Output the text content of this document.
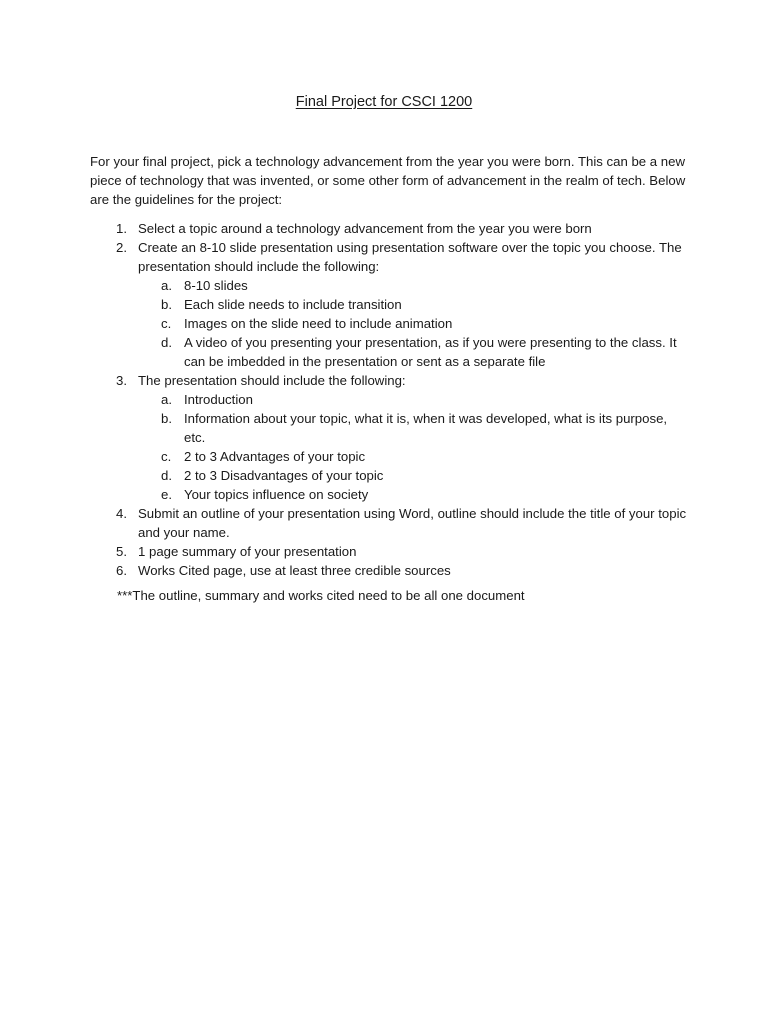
Final Project for CSCI 1200
For your final project, pick a technology advancement from the year you were born. This can be a new piece of technology that was invented, or some other form of advancement in the realm of tech. Below are the guidelines for the project:
1. Select a topic around a technology advancement from the year you were born
2. Create an 8-10 slide presentation using presentation software over the topic you choose. The presentation should include the following:
a. 8-10 slides
b. Each slide needs to include transition
c. Images on the slide need to include animation
d. A video of you presenting your presentation, as if you were presenting to the class. It can be imbedded in the presentation or sent as a separate file
3. The presentation should include the following:
a. Introduction
b. Information about your topic, what it is, when it was developed, what is its purpose, etc.
c. 2 to 3 Advantages of your topic
d. 2 to 3 Disadvantages of your topic
e. Your topics influence on society
4. Submit an outline of your presentation using Word, outline should include the title of your topic and your name.
5. 1 page summary of your presentation
6. Works Cited page, use at least three credible sources
***The outline, summary and works cited need to be all one document
